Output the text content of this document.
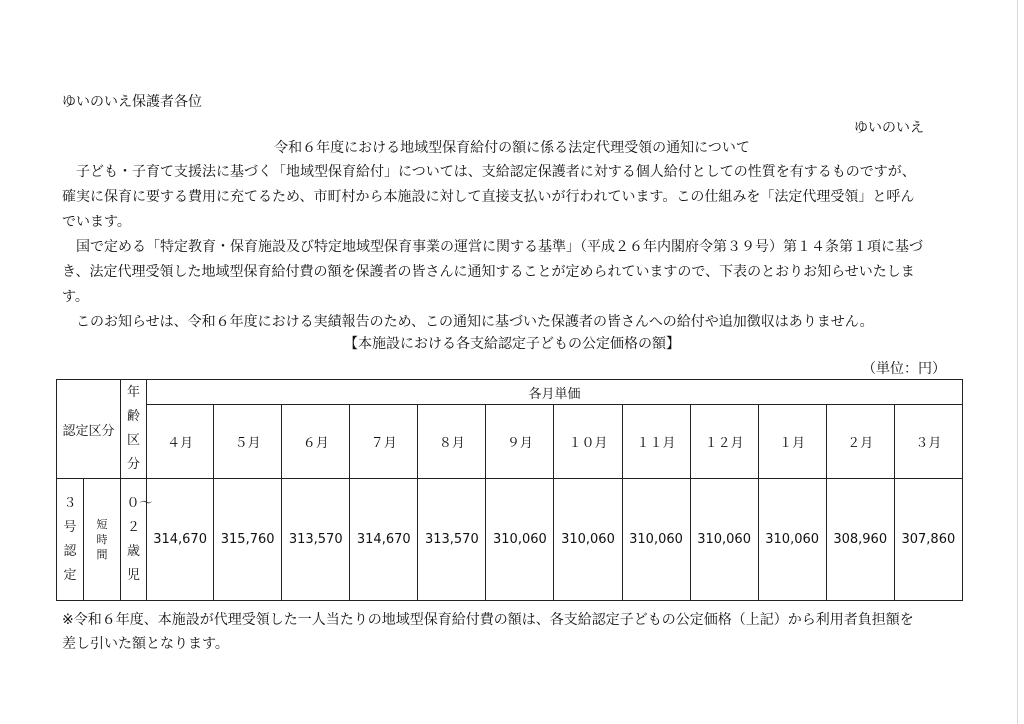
ゆいのいえ保護者各位
ゆいのいえ
令和６年度における地域型保育給付の額に係る法定代理受領の通知について
子ども・子育て支援法に基づく「地域型保育給付」については、支給認定保護者に対する個人給付としての性質を有するものですが、
確実に保育に要する費用に充てるため、市町村から本施設に対して直接支払いが行われています。この仕組みを「法定代理受領」と呼ん
でいます。
国で定める「特定教育・保育施設及び特定地域型保育事業の運営に関する基準」（平成２６年内閣府令第３９号）第１４条第１項に基づ
き、法定代理受領した地域型保育給付費の額を保護者の皆さんに通知することが定められていますので、下表のとおりお知らせいたしま
す。
このお知らせは、令和６年度における実績報告のため、この通知に基づいた保護者の皆さんへの給付や追加徴収はありません。
【本施設における各支給認定子どもの公定価格の額】
（単位：円）
認定区分		年齢区分	各月単価											
			４月	５月	６月	７月	８月	９月	１０月	１１月	１２月	１月	２月	３月
３号認定	短時間	０〜２歳児	314,670	315,760	313,570	314,670	313,570	310,060	310,060	310,060	310,060	310,060	308,960	307,860
※令和６年度、本施設が代理受領した一人当たりの地域型保育給付費の額は、各支給認定子どもの公定価格（上記）から利用者負担額を
差し引いた額となります。
